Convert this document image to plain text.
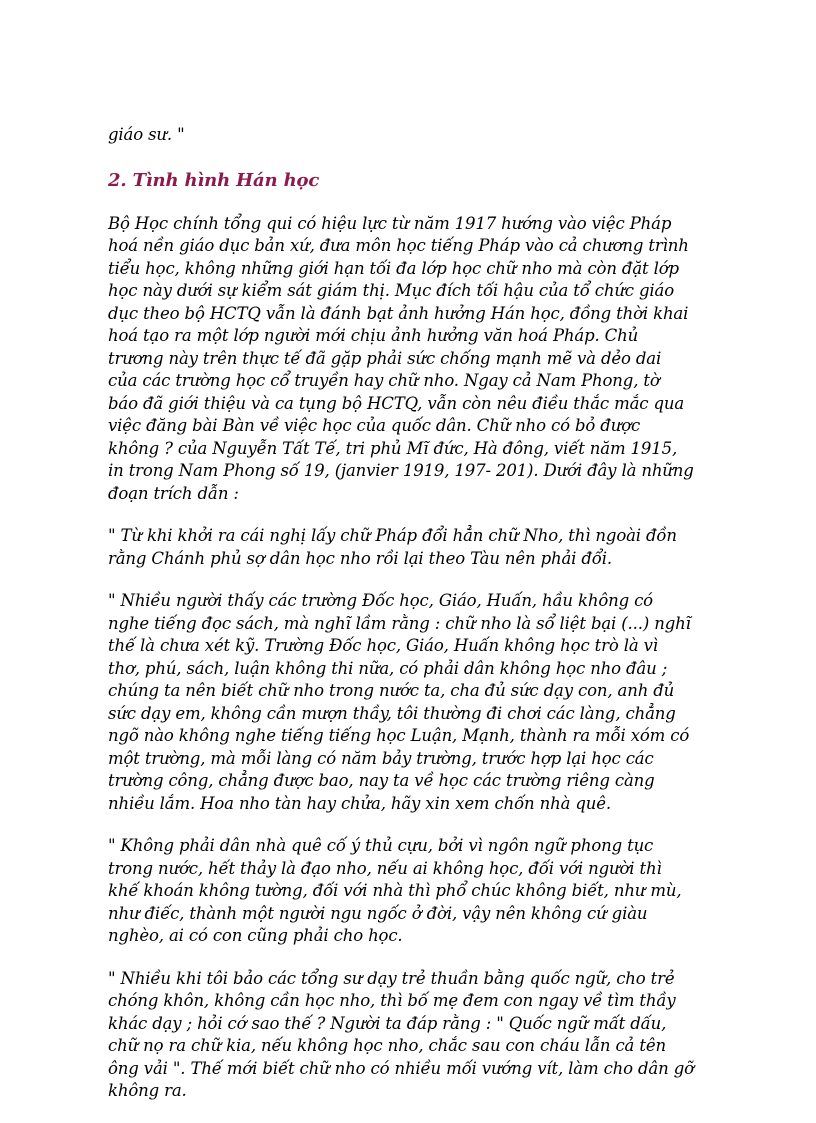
giáo sư. "

2. Tình hình Hán học

Bộ Học chính tổng qui có hiệu lực từ năm 1917 hướng vào việc Pháp hoá nền giáo dục bản xứ, đưa môn học tiếng Pháp vào cả chương trình tiểu học, không những giới hạn tối đa lớp học chữ nho mà còn đặt lớp học này dưới sự kiểm sát giám thị. Mục đích tối hậu của tổ chức giáo dục theo bộ HCTQ vẫn là đánh bạt ảnh hưởng Hán học, đồng thời khai hoá tạo ra một lớp người mới chịu ảnh hưởng văn hoá Pháp. Chủ trương này trên thực tế đã gặp phải sức chống mạnh mẽ và dẻo dai của các trường học cổ truyền hay chữ nho. Ngay cả Nam Phong, tờ báo đã giới thiệu và ca tụng bộ HCTQ, vẫn còn nêu điều thắc mắc qua việc đăng bài Bàn về việc học của quốc dân. Chữ nho có bỏ được không ? của Nguyễn Tất Tế, tri phủ Mĩ đức, Hà đông, viết năm 1915, in trong Nam Phong số 19, (janvier 1919, 197- 201). Dưới đây là những đoạn trích dẫn :

" Từ khi khởi ra cái nghị lấy chữ Pháp đổi hẳn chữ Nho, thì ngoài đồn rằng Chánh phủ sợ dân học nho rồi lại theo Tàu nên phải đổi.

" Nhiều người thấy các trường Đốc học, Giáo, Huấn, hầu không có nghe tiếng đọc sách, mà nghĩ lầm rằng : chữ nho là sổ liệt bại (...) nghĩ thế là chưa xét kỹ. Trường Đốc học, Giáo, Huấn không học trò là vì thơ, phú, sách, luận không thi nữa, có phải dân không học nho đâu ; chúng ta nên biết chữ nho trong nước ta, cha đủ sức dạy con, anh đủ sức dạy em, không cần mượn thầy, tôi thường đi chơi các làng, chẳng ngõ nào không nghe tiếng tiếng học Luận, Mạnh, thành ra mỗi xóm có một trường, mà mỗi làng có năm bảy trường, trước hợp lại học các trường công, chẳng được bao, nay ta về học các trường riêng càng nhiều lắm. Hoa nho tàn hay chửa, hãy xin xem chốn nhà quê.

" Không phải dân nhà quê cố ý thủ cựu, bởi vì ngôn ngữ phong tục trong nước, hết thảy là đạo nho, nếu ai không học, đối với người thì khế khoán không tường, đối với nhà thì phổ chúc không biết, như mù, như điếc, thành một người ngu ngốc ở đời, vậy nên không cứ giàu nghèo, ai có con cũng phải cho học.

" Nhiều khi tôi bảo các tổng sư dạy trẻ thuần bằng quốc ngữ, cho trẻ chóng khôn, không cần học nho, thì bố mẹ đem con ngay về tìm thầy khác dạy ; hỏi cớ sao thế ? Người ta đáp rằng : " Quốc ngữ mất dấu, chữ nọ ra chữ kia, nếu không học nho, chắc sau con cháu lẫn cả tên ông vải ". Thế mới biết chữ nho có nhiều mối vướng vít, làm cho dân gỡ không ra.
